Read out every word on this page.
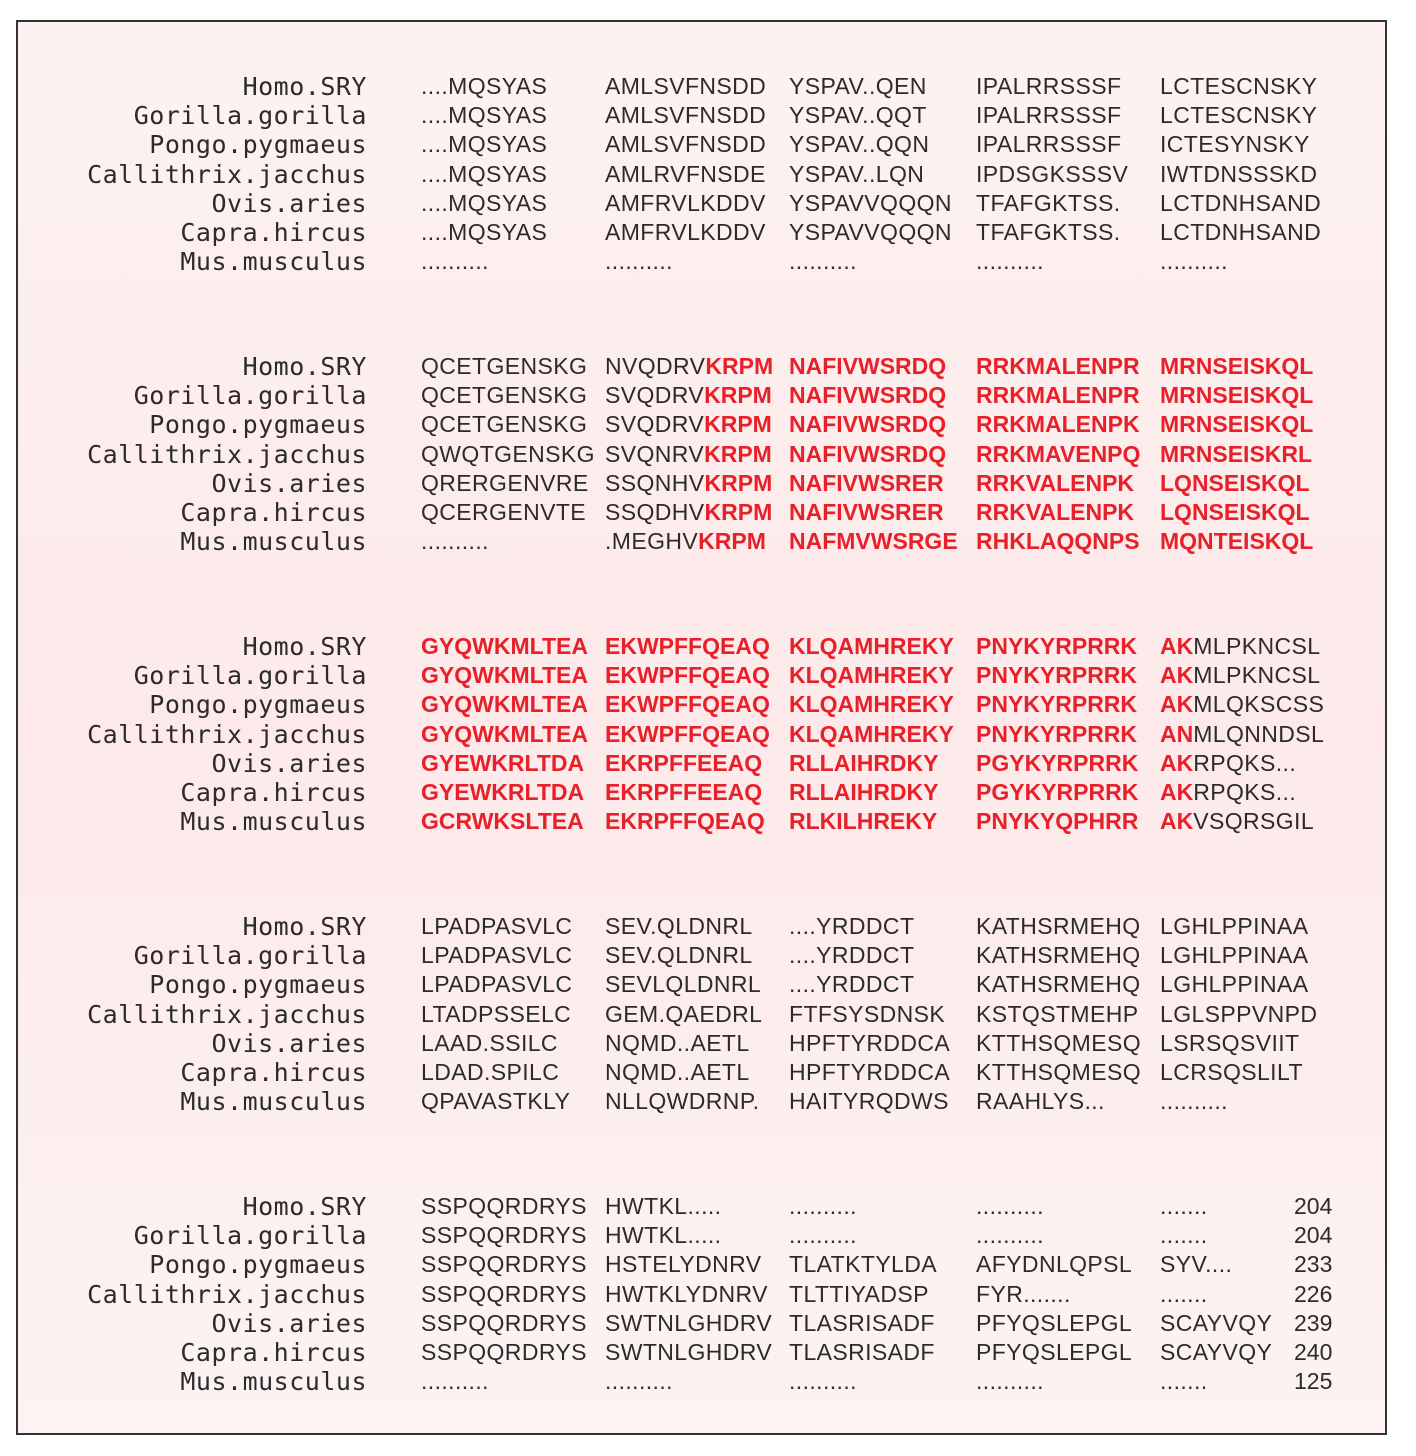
Homo.SRY ....MQSYAS	AMLSVFNSDD YSPAV..QEN	IPALRRSSSF	LCTESCNSKY
Gorilla.gorilla ....MQSYAS	AMLSVFNSDD YSPAV..QQT	IPALRRSSSF	LCTESCNSKY
Pongo.pygmaeus ....MQSYAS	AMLSVFNSDD YSPAV..QQN	IPALRRSSSF	ICTESYNSKY
Callithrix.jacchus ....MQSYAS	AMLRVFNSDE	YSPAV..LQN	IPDSGKSSSV	IWTDNSSSKD
Ovis.aries ....MQSYAS	AMFRVLKDDV	YSPAVVQQQN	TFAFGKTSS.	LCTDNHSAND
Capra.hircus ....MQSYAS	AMFRVLKDDV	YSPAVVQQQN	TFAFGKTSS.	LCTDNHSAND
Mus.musculus ..........	..........	..........	..........	..........
Homo.SRY QCETGENSKG NVQDRVKRPM NAFIVWSRDQ	RRKMALENPR MRNSEISKQL
Gorilla.gorilla QCETGENSKG SVQDRVKRPM NAFIVWSRDQ	RRKMALENPR MRNSEISKQL
Pongo.pygmaeus QCETGENSKG SVQDRVKRPM NAFIVWSRDQ	RRKMALENPK MRNSEISKQL
Callithrix.jacchus QWQTGENSKG SVQNRVKRPM NAFIVWSRDQ	RRKMAVENPQ MRNSEISKRL
Ovis.aries QRERGENVRE SSQNHVKRPM NAFIVWSRER	RRKVALENPK	LQNSEISKQL
Capra.hircus QCERGENVTE SSQDHVKRPM NAFIVWSRER	RRKVALENPK	LQNSEISKQL
Mus.musculus ..........	.MEGHVKRPM	NAFMVWSRGE RHKLAQQNPS MQNTEISKQL
Homo.SRY GYQWKMLTEA EKWPFFQEAQ KLQAMHREKY PNYKYRPRRK AKMLPKNCSL
Gorilla.gorilla GYQWKMLTEA EKWPFFQEAQ KLQAMHREKY PNYKYRPRRK AKMLPKNCSL
Pongo.pygmaeus GYQWKMLTEA EKWPFFQEAQ KLQAMHREKY PNYKYRPRRK AKMLQKSCSS
Callithrix.jacchus GYQWKMLTEA EKWPFFQEAQ KLQAMHREKY PNYKYRPRRK ANMLQNNDSL
Ovis.aries GYEWKRLTDA EKRPFFEEAQ	RLLAIHRDKY	PGYKYRPRRK AKRPQKS...
Capra.hircus GYEWKRLTDA EKRPFFEEAQ	RLLAIHRDKY	PGYKYRPRRK AKRPQKS...
Mus.musculus GCRWKSLTEA EKRPFFQEAQ	RLKILHREKY	PNYKYQPHRR AKVSQRSGIL
Homo.SRY LPADPASVLC	SEV.QLDNRL	....YRDDCT	KATHSRMEHQ LGHLPPINAA
Gorilla.gorilla LPADPASVLC	SEV.QLDNRL	....YRDDCT	KATHSRMEHQ LGHLPPINAA
Pongo.pygmaeus LPADPASVLC	SEVLQLDNRL	....YRDDCT	KATHSRMEHQ LGHLPPINAA
Callithrix.jacchus LTADPSSELC	GEM.QAEDRL	FTFSYSDNSK	KSTQSTMEHP LGLSPPVNPD
Ovis.aries LAAD.SSILC	NQMD..AETL	HPFTYRDDCA	KTTHSQMESQ LSRSQSVIIT
Capra.hircus LDAD.SPILC	NQMD..AETL	HPFTYRDDCA	KTTHSQMESQ LCRSQSLILT
Mus.musculus QPAVASTKLY	NLLQWDRNP.	HAITYRQDWS	RAAHLYS...	..........
Homo.SRY SSPQQRDRYS HWTKL.....	..........	..........	.......	204
Gorilla.gorilla SSPQQRDRYS HWTKL.....	..........	..........	.......	204
Pongo.pygmaeus SSPQQRDRYS HSTELYDNRV	TLATKTYLDA	AFYDNLQPSL	SYV....	233
Callithrix.jacchus SSPQQRDRYS HWTKLYDNRV TLTTIYADSP	FYR.......	.......	226
Ovis.aries SSPQQRDRYS SWTNLGHDRV TLASRISADF	PFYQSLEPGL	SCAYVQY 239
Capra.hircus SSPQQRDRYS SWTNLGHDRV TLASRISADF	PFYQSLEPGL	SCAYVQY 240
Mus.musculus ..........	..........	..........	..........	.......	125
